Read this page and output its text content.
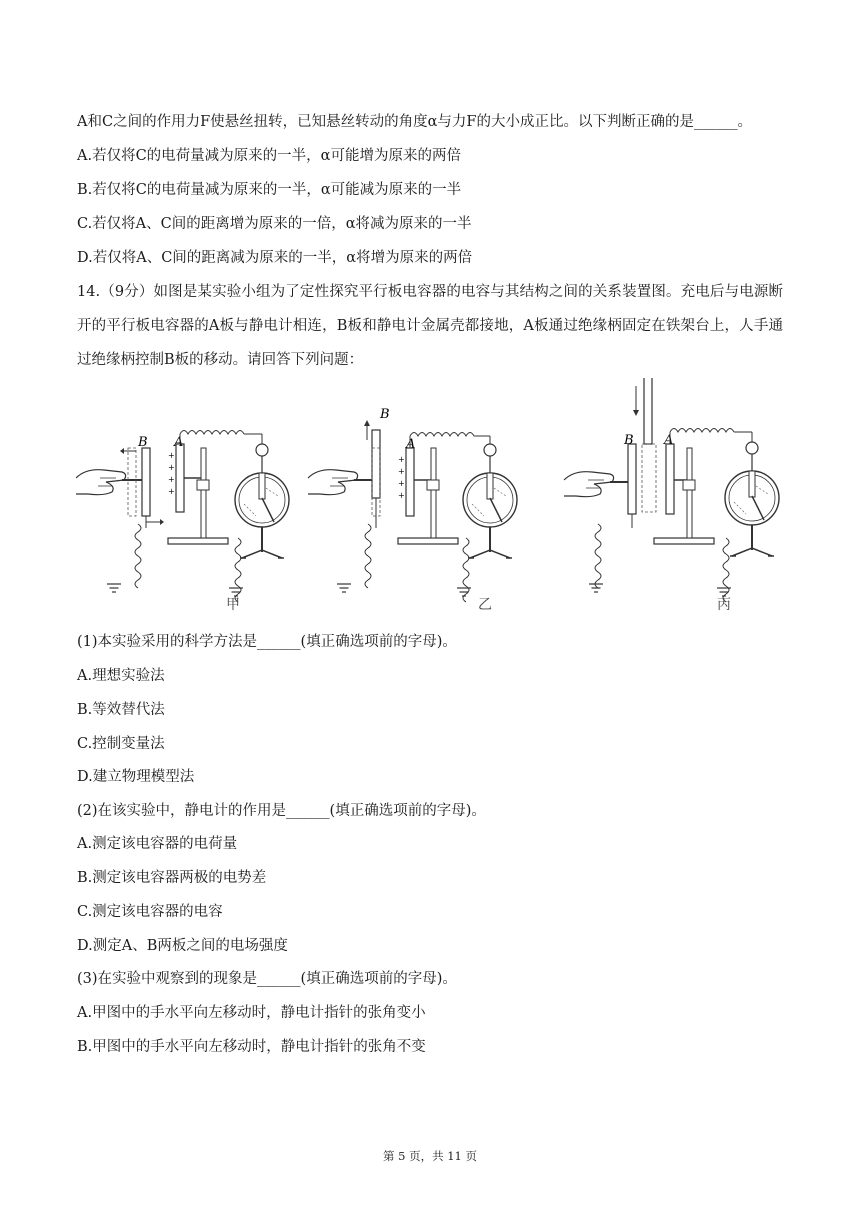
A和C之间的作用力F使悬丝扭转，已知悬丝转动的角度α与力F的大小成正比。以下判断正确的是______。
A.若仅将C的电荷量减为原来的一半，α可能增为原来的两倍
B.若仅将C的电荷量减为原来的一半，α可能减为原来的一半
C.若仅将A、C间的距离增为原来的一倍，α将减为原来的一半
D.若仅将A、C间的距离减为原来的一半，α将增为原来的两倍
14.（9分）如图是某实验小组为了定性探究平行板电容器的电容与其结构之间的关系装置图。充电后与电源断开的平行板电容器的A板与静电计相连，B板和静电计金属壳都接地，A板通过绝缘柄固定在铁架台上，人手通过绝缘柄控制B板的移动。请回答下列问题：
B A
+
+
+
+
B
A
+
+
+
+
B A
甲	乙	丙
(1)本实验采用的科学方法是______(填正确选项前的字母)。
A.理想实验法
B.等效替代法
C.控制变量法
D.建立物理模型法
(2)在该实验中，静电计的作用是______(填正确选项前的字母)。
A.测定该电容器的电荷量
B.测定该电容器两极的电势差
C.测定该电容器的电容
D.测定A、B两板之间的电场强度
(3)在实验中观察到的现象是______(填正确选项前的字母)。
A.甲图中的手水平向左移动时，静电计指针的张角变小
B.甲图中的手水平向左移动时，静电计指针的张角不变
第 5 页，共 11 页
